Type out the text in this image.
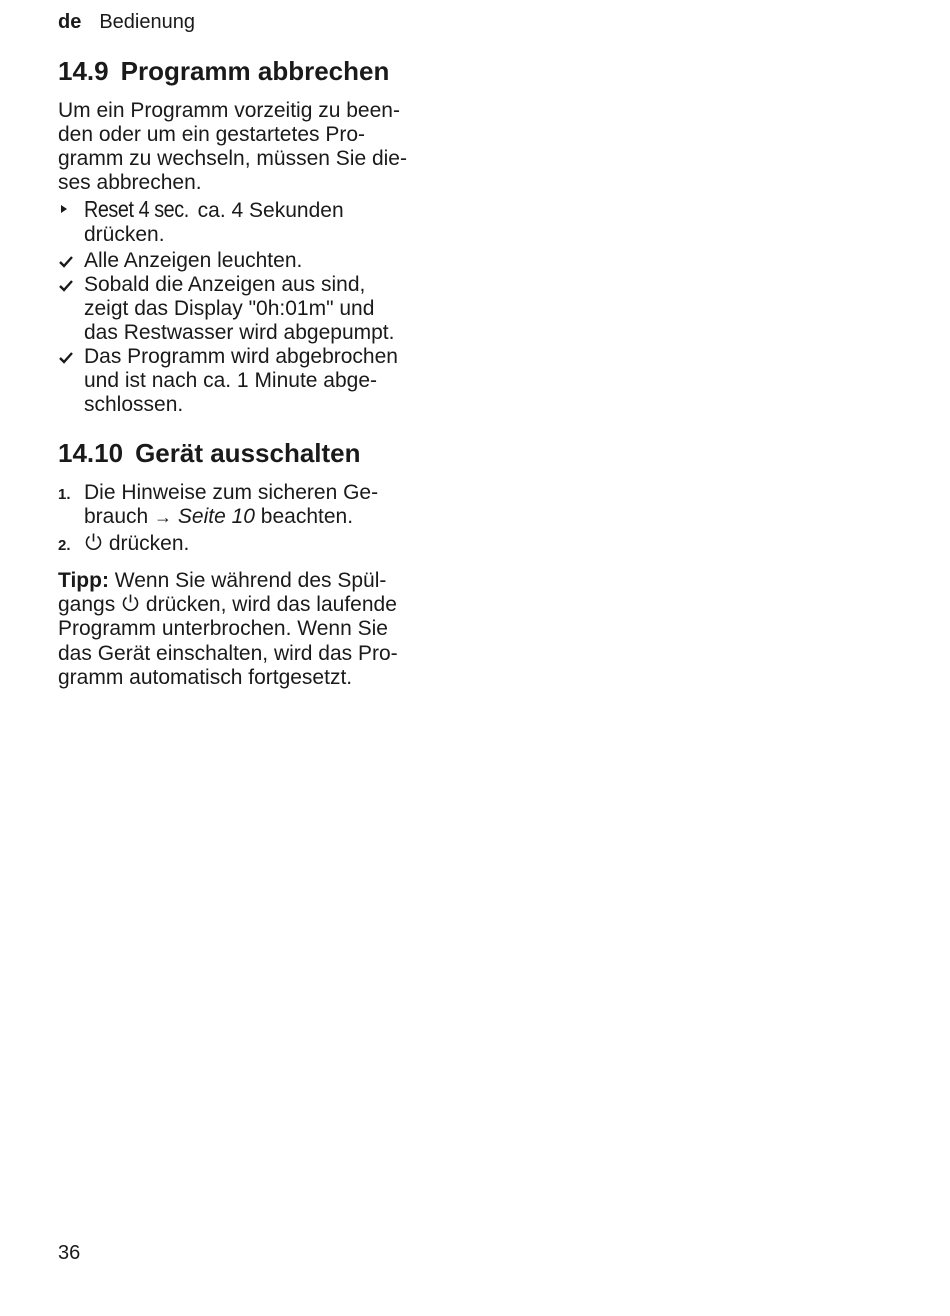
de Bedienung
14.9 Programm abbrechen
Um ein Programm vorzeitig zu been-
den oder um ein gestartetes Pro-
gramm zu wechseln, müssen Sie die-
ses abbrechen.
Reset 4 sec. ca. 4 Sekunden
drücken.
Alle Anzeigen leuchten.
Sobald die Anzeigen aus sind,
zeigt das Display "0h:01m" und
das Restwasser wird abgepumpt.
Das Programm wird abgebrochen
und ist nach ca. 1 Minute abge-
schlossen.
14.10 Gerät ausschalten
1. Die Hinweise zum sicheren Ge-
brauch → Seite 10 beachten.
2.	drücken.
Tipp: Wenn Sie während des Spül-
gangs  drücken, wird das laufende
Programm unterbrochen. Wenn Sie
das Gerät einschalten, wird das Pro-
gramm automatisch fortgesetzt.
36
